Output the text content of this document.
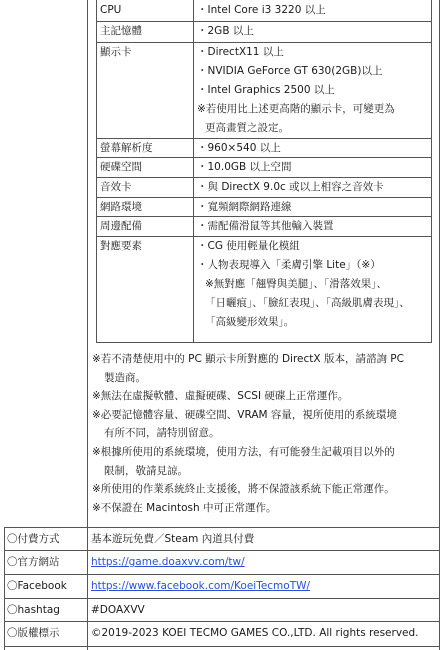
CPU	・Intel Core i3 3220 以上
主記憶體	・2GB 以上
顯示卡	・DirectX11 以上
・NVIDIA GeForce GT 630(2GB)以上
・Intel Graphics 2500 以上
※若使用比上述更高階的顯示卡，可變更為
更高畫質之設定。
螢幕解析度	・960×540 以上
硬碟空間	・10.0GB 以上空間
音效卡	・與 DirectX 9.0c 或以上相容之音效卡
網路環境	・寬頻網際網路連線
周邊配備	・需配備滑鼠等其他輸入裝置
對應要素	・CG 使用輕量化模組
・人物表現導入「柔膚引擎 Lite」（※）
※無對應「翹臀與美腿」、「滑落效果」、
「日曬痕」、「臉紅表現」、「高級肌膚表現」、
「高級變形效果」。
※若不清楚使用中的 PC 顯示卡所對應的 DirectX 版本，請諮詢 PC
製造商。
※無法在虛擬軟體、虛擬硬碟、SCSI 硬碟上正常運作。
※必要記憶體容量、硬碟空間、VRAM 容量，視所使用的系統環境
有所不同，請特別留意。
※根據所使用的系統環境，使用方法，有可能發生記載項目以外的
限制，敬請見諒。
※所使用的作業系統終止支援後，將不保證該系統下能正常運作。
※不保證在 Macintosh 中可正常運作。
〇付費方式	基本遊玩免費／Steam 內道具付費
〇官方網站	https://game.doaxvv.com/tw/
〇Facebook https://www.facebook.com/KoeiTecmoTW/
〇hashtag	#DOAXVV
〇版權標示	©2019-2023 KOEI TECMO GAMES CO.,LTD. All rights reserved.
